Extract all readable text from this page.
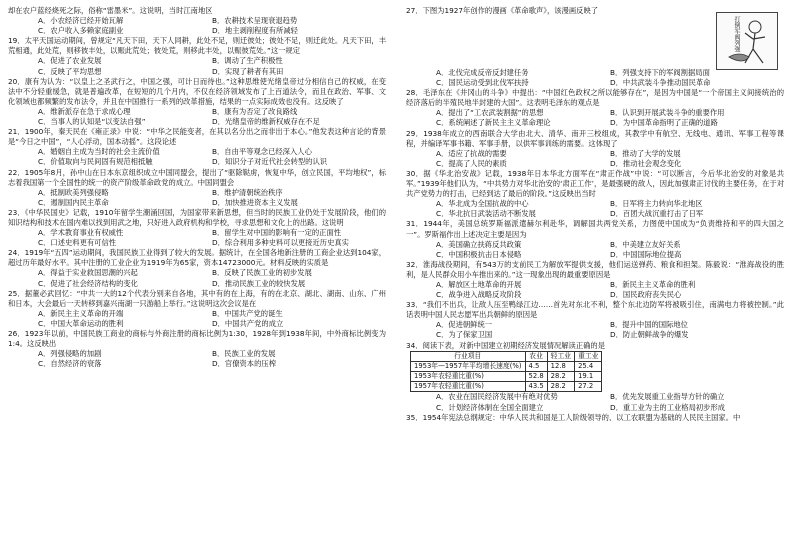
却在农户蓝经烧死之际，俗称“雷墨米”。这说明，当时江南地区

A．小农经济已经开始瓦解	B．农耕技术呈现衰退趋势
C．农户收入多赖家庭副业	D．地主剥削程度有所减轻

19．太平天国运动期间，曾规定“凡天下田，天下人同耕，此处不足，则迁彼处；彼处不足，则迁此处。凡天下田，丰荒相通，此处荒，则移彼丰处，以赈此荒处；彼处荒，则移此丰处，以赈彼荒处。”这一规定

A．促进了农业发展	B．调动了生产积极性
C．反映了平均思想	D．实现了耕者有其田

20．康有为认为：“以皇上之圣武行之，中国之强，可计日而待也。”这种思维使光绪皇帝过分相信自己的权威，在变法中不分轻重缓急，就是普遍改革，在短短的几个月内，不仅在经济领域发布了上百道法令，而且在政治、军事、文化领域也都频繁的发布法令，并且在中国推行一系列的改革措施，结果的一点实际成效也没有。这反映了

A．维新派存在急于求成心理	B．康有为否定了改良路线
C．当事人的认知是“以变法自强”	D．光绪皇帝的维新权威存在不足

21．1900年，秦天民在《雍正录》中说：“中华之民能变者，在其以名分出之而非出于本心。”他发表这种言论的背景是“今日之中国”，“人心浮动，国本动摇”。这段论述

A．婚姻自主成为当时的社会主流价值	B．自由平等观念已经深入人心
C．价值取向与民间固有规范相抵触	D．知识分子对近代社会转型的认识

22．1905年8月，孙中山在日本东京组织成立中国同盟会，提出了“驱除鞑虏，恢复中华，创立民国，平均地权”，标志着我国第一个全国性的统一的资产阶级革命政党的成立。中国同盟会

A．抵制欧美列强侵略	B．维护清朝统治秩序
C．遏制国内民主革命	D．加快推进资本主义发展

23．《中华民国史》记载，1910年留学生潮涌回国，为国家带来新思想，但当时的民族工业仍处于发展阶段，他们的知识结构和技术在国内难以找到用武之地，只好进入政府机构和学校，寻求思想和文化上的出路。这说明

A．学术教育事业有权威性	B．留学生对中国的影响有一定的正面性
C．口述史料更有可信性	D．综合利用多种史料可以更接近历史真实

24．1919年“五四”运动期间，我国民族工业得到了较大的发展。据统计，在全国各地新注册的工商企业达到104家，超过历年最好水平。其中注册的工业企业为1919年为65家，资本14723000元。材料反映的实质是

A．得益于实业救国思潮的兴起	B．反映了民族工业的初步发展
C．促进了社会经济结构的变化	D．推动民族工业的较快发展

25．据董必武回忆：“中共一大的12个代表分别来自各地，其中有的在上海，有的在北京、湖北、湖南、山东、广州和日本，大会最后一天转移到嘉兴南湖一只游船上举行。”这说明这次会议是在

A．新民主主义革命的开端	B．中国共产党的诞生
C．中国大革命运动的胜利	D．中国共产党的成立

26．1923年以前，中国民族工商业的商标与外商注册的商标比例为1:30，1928年到1938年间，中外商标比例变为1:4。这反映出

A．列强侵略的加剧	B．民族工业的发展
C．自然经济的衰落	D．官僚资本的压榨

27．下图为1927年创作的漫画《革命歌声》，该漫画反映了

打倒军阀列强
A．北伐完成反帝反封建任务	B．列强支持下的军阀割据局面
C．国民运动受到北伐军扶持	D．中共武装斗争推动国民革命

28．毛泽东在《井冈山的斗争》中提出：“中国红色政权之所以能够存在”，是因为中国是“一个帝国主义间接统治的经济落后的半殖民地半封建的大国”。这表明毛泽东的观点是

A．提出了“工农武装割据”的思想	B．认识到开展武装斗争的重要作用
C．系统阐述了新民主主义革命理论	D．为中国革命指明了正确的道路

29．1938年成立的西南联合大学由北大、清华、南开三校组成，其教学中有航空、无线电、通讯、军事工程等课程，并编译军事书籍、军事手册，以供军事训练的需要。这体现了

A．适应了抗战的需要	B．推动了大学的发展
C．提高了人民的素质	D．推动社会观念变化

30．据《华北治安战》记载，1938年日本华北方面军在“肃正作战”中说：“可以断言，今后华北治安的对象是共军。”1939年他们认为，“中共势力对华北治安的‘肃正工作’，是最强硬的敌人，因此加强肃正讨伐的主要任务，在于对共产党势力的打击，已经到达了最后的阶段。”这反映出当时

A．华北成为全国抗战的中心	B．日军将主力转向华北地区
C．华北抗日武装活动不断发展	D．百团大战沉重打击了日军

31．1944年，美国总统罗斯福派遣赫尔利赴华，调解国共两党关系，力图使中国成为“负责维持和平的四大国之一”。罗斯福作出上述决定主要是因为

A．美国确立扶蒋反共政策	B．中美建立友好关系
C．中国积极抗击日本侵略	D．中国国际地位提高

32．淮海战役期间，有543万的支前民工为解放军提供支援，他们运送弹药、粮食和担架。陈毅说：“淮海战役的胜利，是人民群众用小车推出来的。”这一现象出现的最重要原因是

A．解放区土地革命的开展	B．新民主主义革命的胜利
C．战争进入战略反攻阶段	D．国民政府丧失民心

33．“我们不出兵，让敌人压至鸭绿江边……首先对东北不利，整个东北边防军将被吸引住，南满电力将被控制。”此话表明中国人民志愿军出兵朝鲜的原因是

A．促进朝鲜统一	B．提升中国的国际地位
C．为了保家卫国	D．防止朝鲜战争的爆发

34．阅读下表，对新中国建立初期经济发展情况解读正确的是

行业项目	农业	轻工业	重工业
1953年—1957年平均增长速度(%)	4.5	12.8	25.4
1953年农轻重比重(%)	52.8	28.2	19.1
1957年农轻重比重(%)	43.5	28.2	27.2
A．农业在国民经济发展中有绝对优势	B．优先发展重工业指导方针的确立
C．计划经济体制在全国全面建立	D．重工业为主的工业格局初步形成

35．1954年宪法总纲规定：中华人民共和国是工人阶级领导的、以工农联盟为基础的人民民主国家。中
